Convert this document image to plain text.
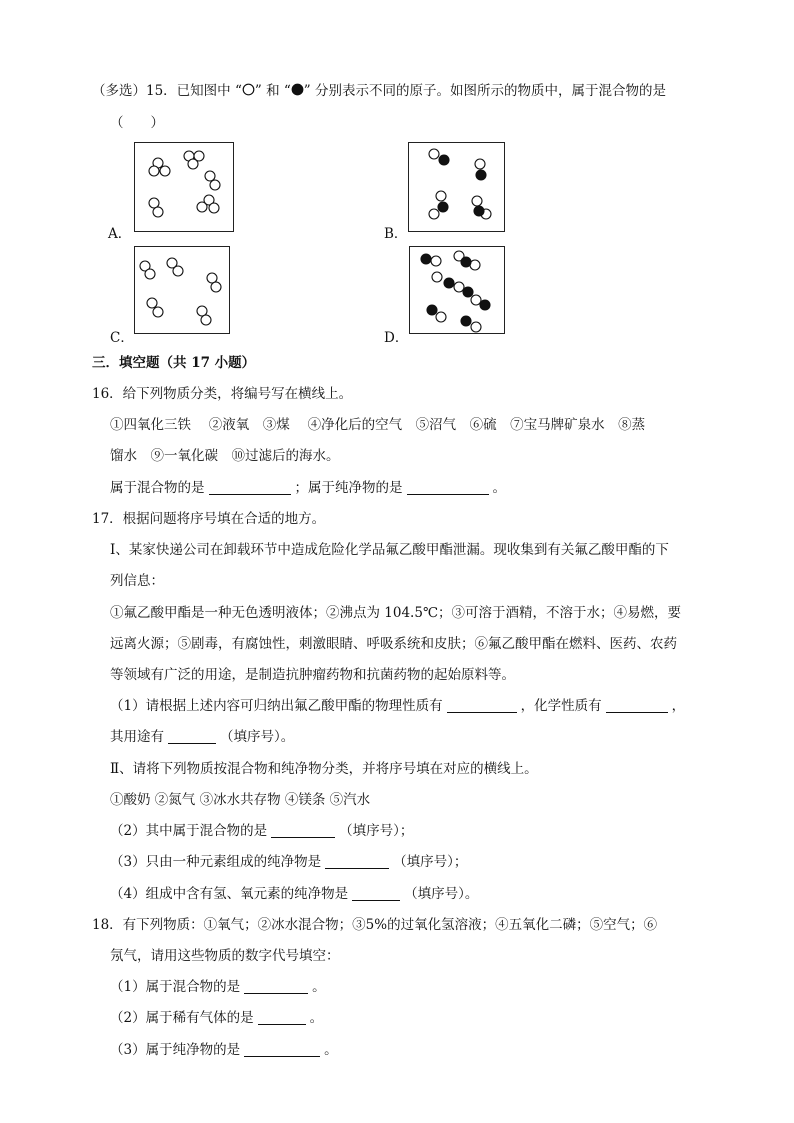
（多选）15．已知图中 “ ” 和 “ ” 分别表示不同的原子。如图所示的物质中，属于混合物的是
（　　）
A．	B．
C．	D．
三．填空题（共 17 小题）
16．给下列物质分类，将编号写在横线上。
①四氧化三铁　 ②液氧　③煤　 ④净化后的空气　⑤沼气　⑥硫　⑦宝马牌矿泉水　⑧蒸
馏水　⑨一氧化碳　⑩过滤后的海水。
属于混合物的是	；属于纯净物的是	。
17．根据问题将序号填在合适的地方。
Ⅰ、某家快递公司在卸载环节中造成危险化学品氟乙酸甲酯泄漏。现收集到有关氟乙酸甲酯的下
列信息：
①氟乙酸甲酯是一种无色透明液体；②沸点为 104.5℃；③可溶于酒精，不溶于水；④易燃，要
远离火源；⑤剧毒，有腐蚀性，刺激眼睛、呼吸系统和皮肤；⑥氟乙酸甲酯在燃料、医药、农药
等领域有广泛的用途，是制造抗肿瘤药物和抗菌药物的起始原料等。
（1）请根据上述内容可归纳出氟乙酸甲酯的物理性质有	，化学性质有	，
其用途有	（填序号）。
Ⅱ、请将下列物质按混合物和纯净物分类，并将序号填在对应的横线上。
①酸奶 ②氮气 ③冰水共存物 ④镁条 ⑤汽水
（2）其中属于混合物的是	（填序号）；
（3）只由一种元素组成的纯净物是	（填序号）；
（4）组成中含有氢、氧元素的纯净物是	（填序号）。
18．有下列物质：①氧气；②冰水混合物；③5%的过氧化氢溶液；④五氧化二磷；⑤空气；⑥
氖气，请用这些物质的数字代号填空：
（1）属于混合物的是	。
（2）属于稀有气体的是	。
（3）属于纯净物的是	。
